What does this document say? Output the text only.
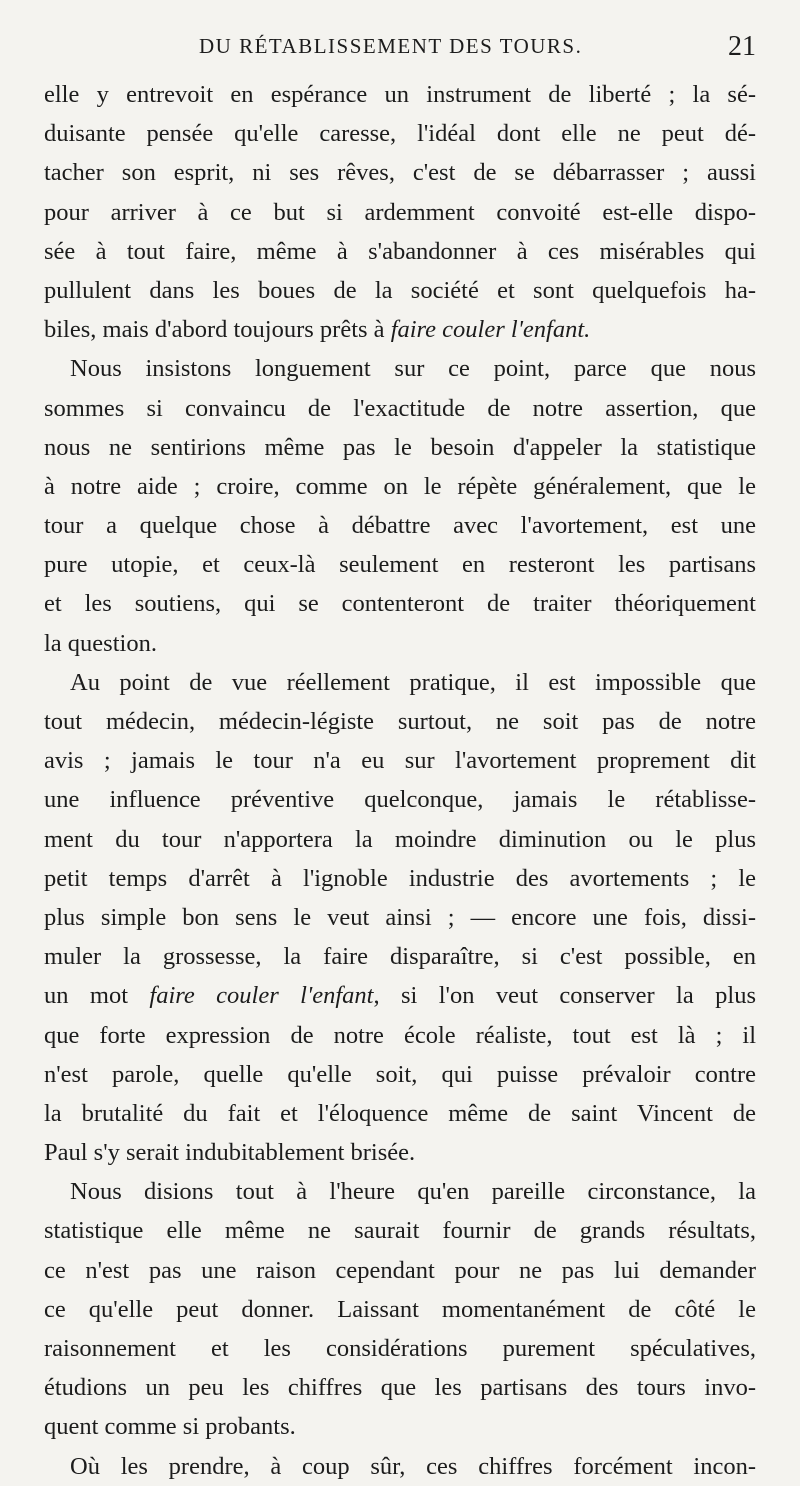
DU RÉTABLISSEMENT DES TOURS.	21
elle y entrevoit en espérance un instrument de liberté ; la sé-
duisante pensée qu'elle caresse, l'idéal dont elle ne peut dé-
tacher son esprit, ni ses rêves, c'est de se débarrasser ; aussi
pour arriver à ce but si ardemment convoité est-elle dispo-
sée à tout faire, même à s'abandonner à ces misérables qui
pullulent dans les boues de la société et sont quelquefois ha-
biles, mais d'abord toujours prêts à faire couler l'enfant.
Nous insistons longuement sur ce point, parce que nous
sommes si convaincu de l'exactitude de notre assertion, que
nous ne sentirions même pas le besoin d'appeler la statistique
à notre aide ; croire, comme on le répète généralement, que le
tour a quelque chose à débattre avec l'avortement, est une
pure utopie, et ceux-là seulement en resteront les partisans
et les soutiens, qui se contenteront de traiter théoriquement
la question.
Au point de vue réellement pratique, il est impossible que
tout médecin, médecin-légiste surtout, ne soit pas de notre
avis ; jamais le tour n'a eu sur l'avortement proprement dit
une influence préventive quelconque, jamais le rétablisse-
ment du tour n'apportera la moindre diminution ou le plus
petit temps d'arrêt à l'ignoble industrie des avortements ; le
plus simple bon sens le veut ainsi ; — encore une fois, dissi-
muler la grossesse, la faire disparaître, si c'est possible, en
un mot faire couler l'enfant, si l'on veut conserver la plus
que forte expression de notre école réaliste, tout est là ; il
n'est parole, quelle qu'elle soit, qui puisse prévaloir contre
la brutalité du fait et l'éloquence même de saint Vincent de
Paul s'y serait indubitablement brisée.
Nous disions tout à l'heure qu'en pareille circonstance, la
statistique elle même ne saurait fournir de grands résultats,
ce n'est pas une raison cependant pour ne pas lui demander
ce qu'elle peut donner. Laissant momentanément de côté le
raisonnement et les considérations purement spéculatives,
étudions un peu les chiffres que les partisans des tours invo-
quent comme si probants.
Où les prendre, à coup sûr, ces chiffres forcément incon-
